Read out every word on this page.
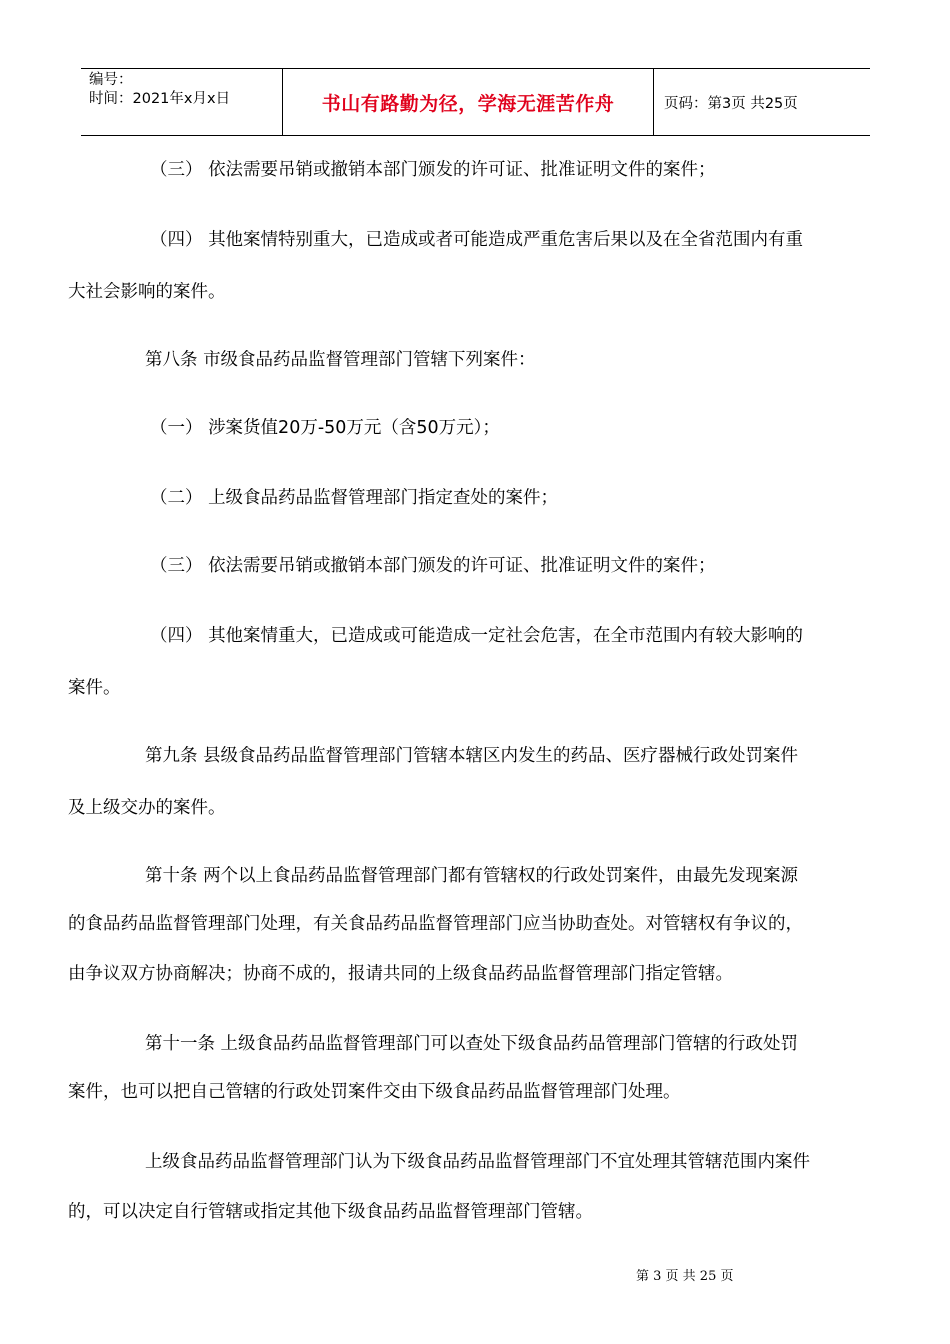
编号：
时间：2021年x月x日	书山有路勤为径，学海无涯苦作舟	页码：第3页 共25页
（三） 依法需要吊销或撤销本部门颁发的许可证、批准证明文件的案件；
（四） 其他案情特别重大，已造成或者可能造成严重危害后果以及在全省范围内有重
大社会影响的案件。
第八条 市级食品药品监督管理部门管辖下列案件：
（一） 涉案货值20万-50万元（含50万元）；
（二） 上级食品药品监督管理部门指定查处的案件；
（三） 依法需要吊销或撤销本部门颁发的许可证、批准证明文件的案件；
（四） 其他案情重大，已造成或可能造成一定社会危害，在全市范围内有较大影响的
案件。
第九条 县级食品药品监督管理部门管辖本辖区内发生的药品、医疗器械行政处罚案件
及上级交办的案件。
第十条 两个以上食品药品监督管理部门都有管辖权的行政处罚案件，由最先发现案源
的食品药品监督管理部门处理，有关食品药品监督管理部门应当协助查处。对管辖权有争议的，
由争议双方协商解决；协商不成的，报请共同的上级食品药品监督管理部门指定管辖。
第十一条 上级食品药品监督管理部门可以查处下级食品药品管理部门管辖的行政处罚
案件，也可以把自己管辖的行政处罚案件交由下级食品药品监督管理部门处理。
上级食品药品监督管理部门认为下级食品药品监督管理部门不宜处理其管辖范围内案件
的，可以决定自行管辖或指定其他下级食品药品监督管理部门管辖。
第 3 页 共 25 页
